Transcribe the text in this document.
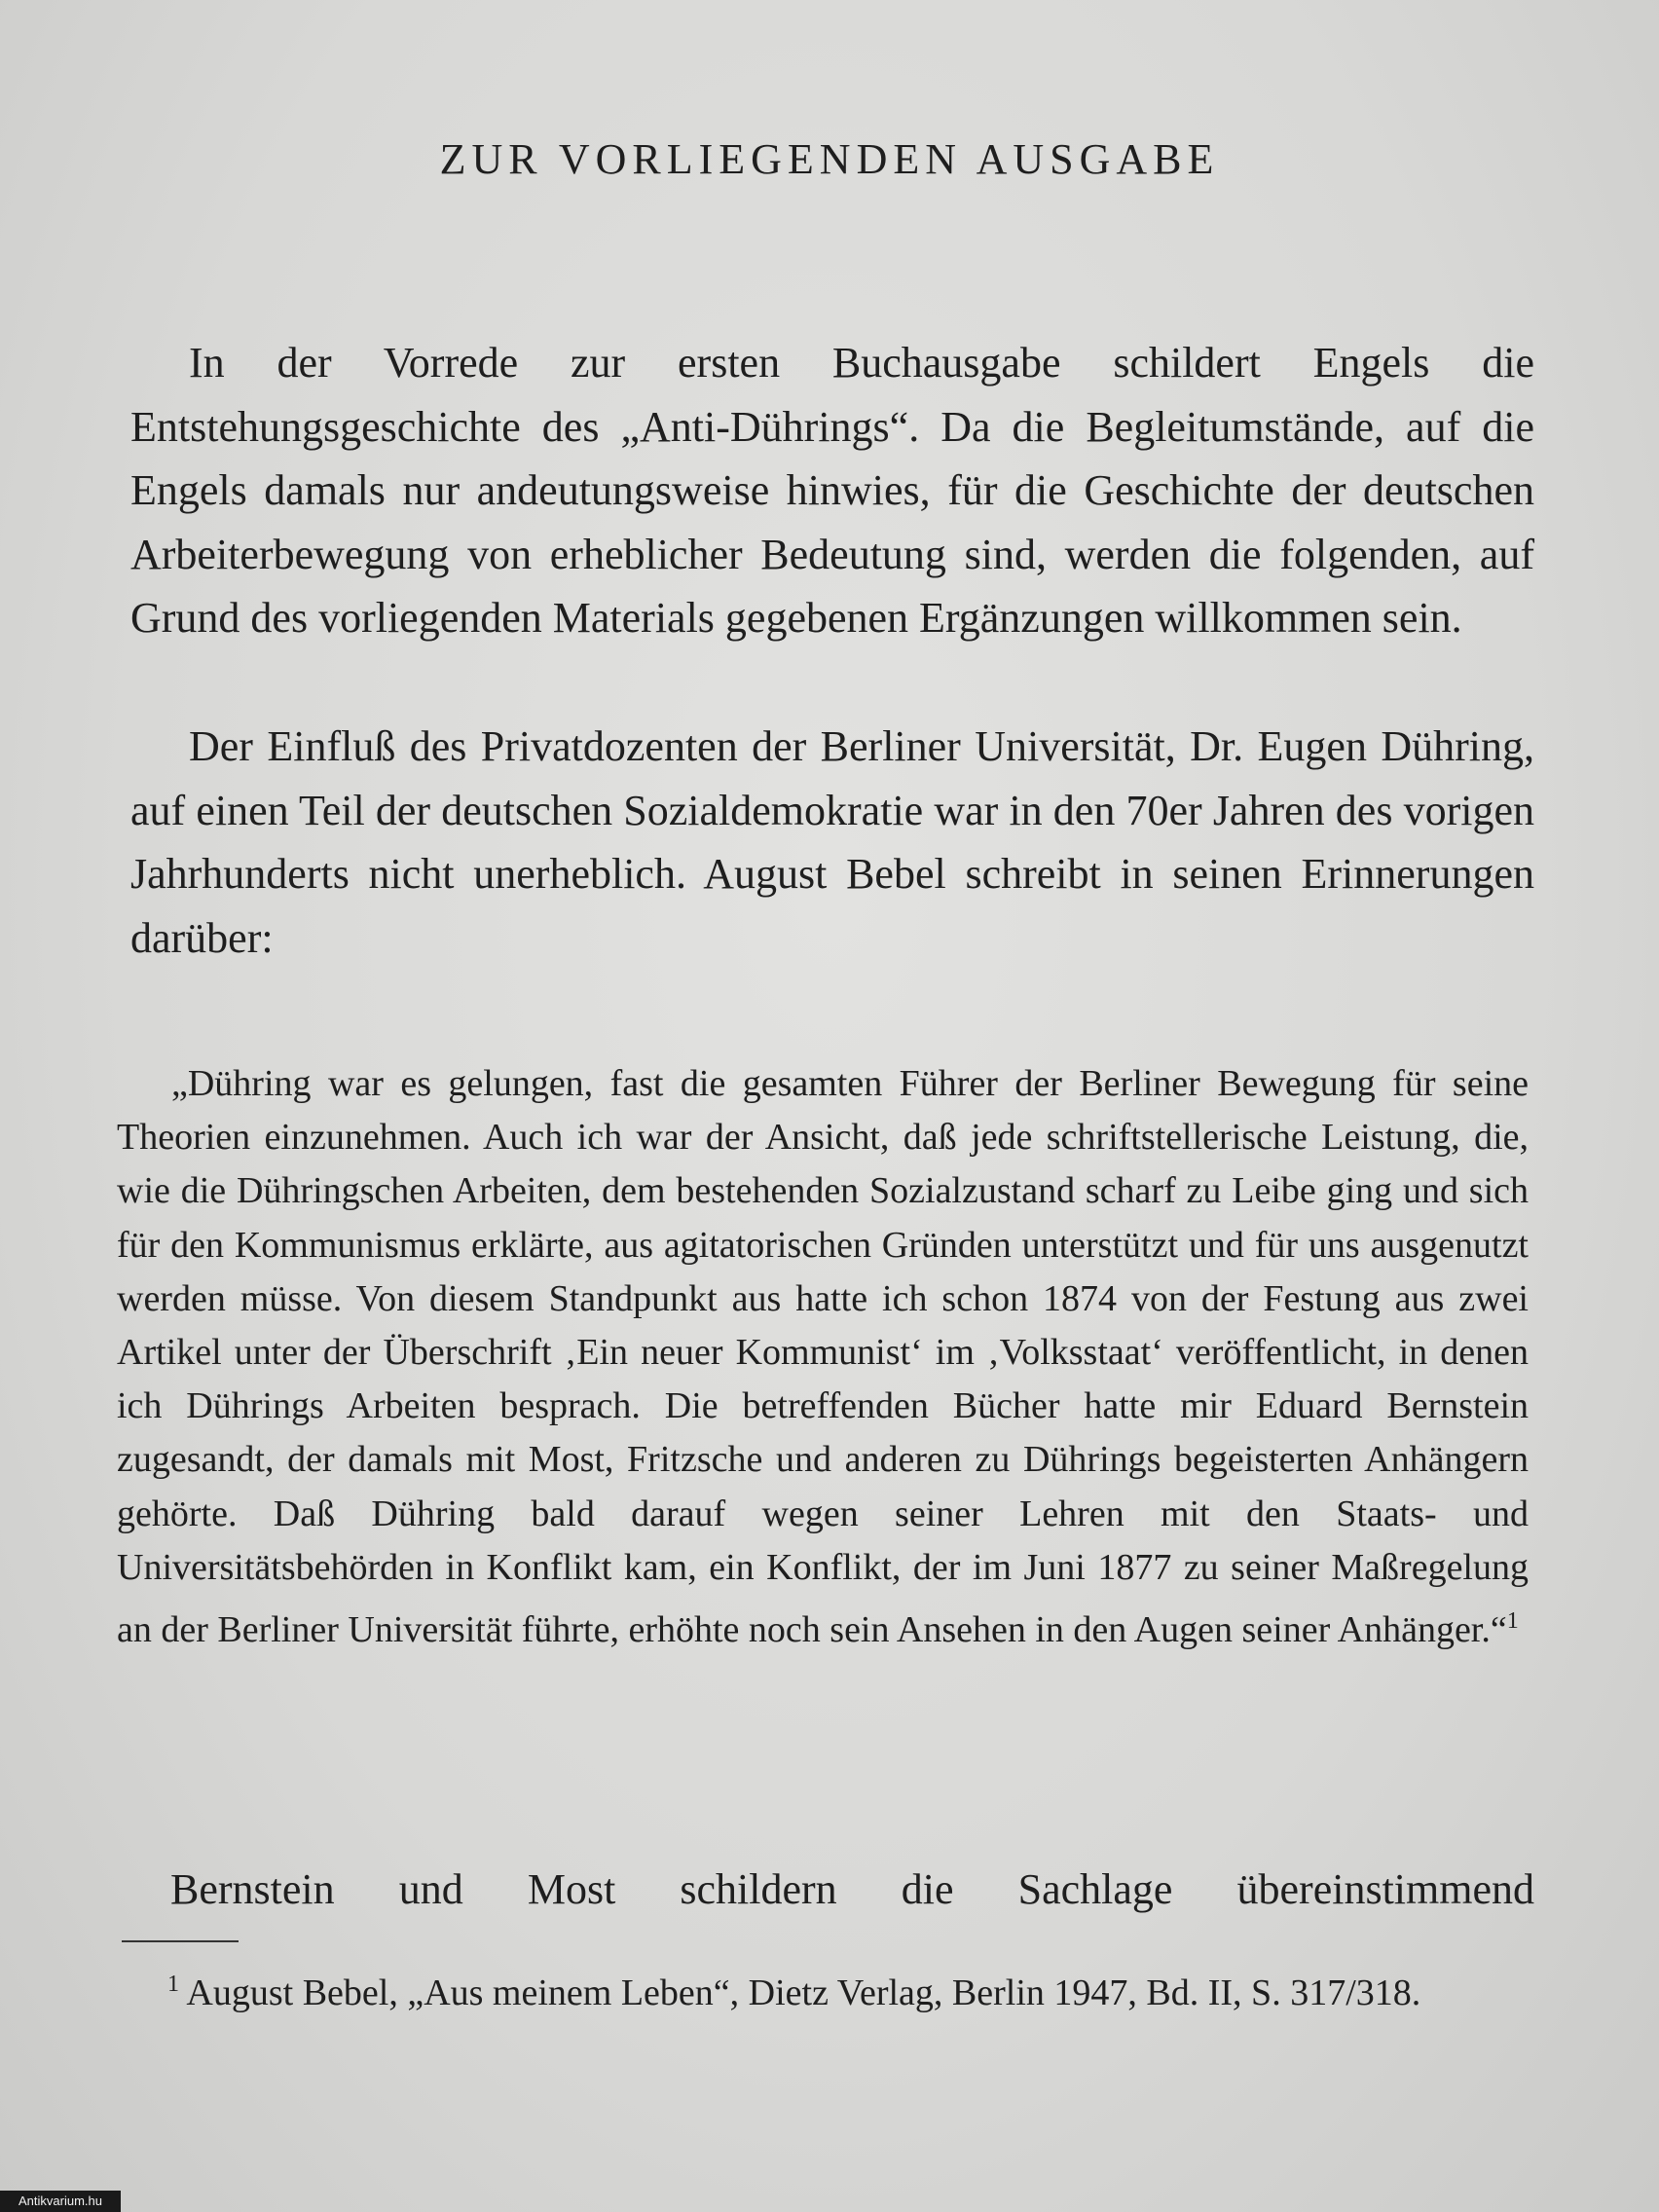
ZUR VORLIEGENDEN AUSGABE

In der Vorrede zur ersten Buchausgabe schildert Engels die Entstehungsgeschichte des „Anti-Dührings“. Da die Begleitumstände, auf die Engels damals nur andeutungsweise hinwies, für die Geschichte der deutschen Arbeiterbewegung von erheblicher Bedeutung sind, werden die folgenden, auf Grund des vorliegenden Materials gegebenen Ergänzungen willkommen sein.

Der Einfluß des Privatdozenten der Berliner Universität, Dr. Eugen Dühring, auf einen Teil der deutschen Sozialdemokratie war in den 70er Jahren des vorigen Jahrhunderts nicht unerheblich. August Bebel schreibt in seinen Erinnerungen darüber:

„Dühring war es gelungen, fast die gesamten Führer der Berliner Bewegung für seine Theorien einzunehmen. Auch ich war der Ansicht, daß jede schriftstellerische Leistung, die, wie die Dühringschen Arbeiten, dem bestehenden Sozialzustand scharf zu Leibe ging und sich für den Kommunismus erklärte, aus agitatorischen Gründen unterstützt und für uns ausgenutzt werden müsse. Von diesem Standpunkt aus hatte ich schon 1874 von der Festung aus zwei Artikel unter der Überschrift ‚Ein neuer Kommunist‘ im ‚Volksstaat‘ veröffentlicht, in denen ich Dührings Arbeiten besprach. Die betreffenden Bücher hatte mir Eduard Bernstein zugesandt, der damals mit Most, Fritzsche und anderen zu Dührings begeisterten Anhängern gehörte. Daß Dühring bald darauf wegen seiner Lehren mit den Staats- und Universitätsbehörden in Konflikt kam, ein Konflikt, der im Juni 1877 zu seiner Maßregelung an der Berliner Universität führte, erhöhte noch sein Ansehen in den Augen seiner Anhänger.“$^1$

Bernstein und Most schildern die Sachlage übereinstimmend

$^1$ August Bebel, „Aus meinem Leben“, Dietz Verlag, Berlin 1947, Bd. II, S. 317/318.

Antikvarium.hu
